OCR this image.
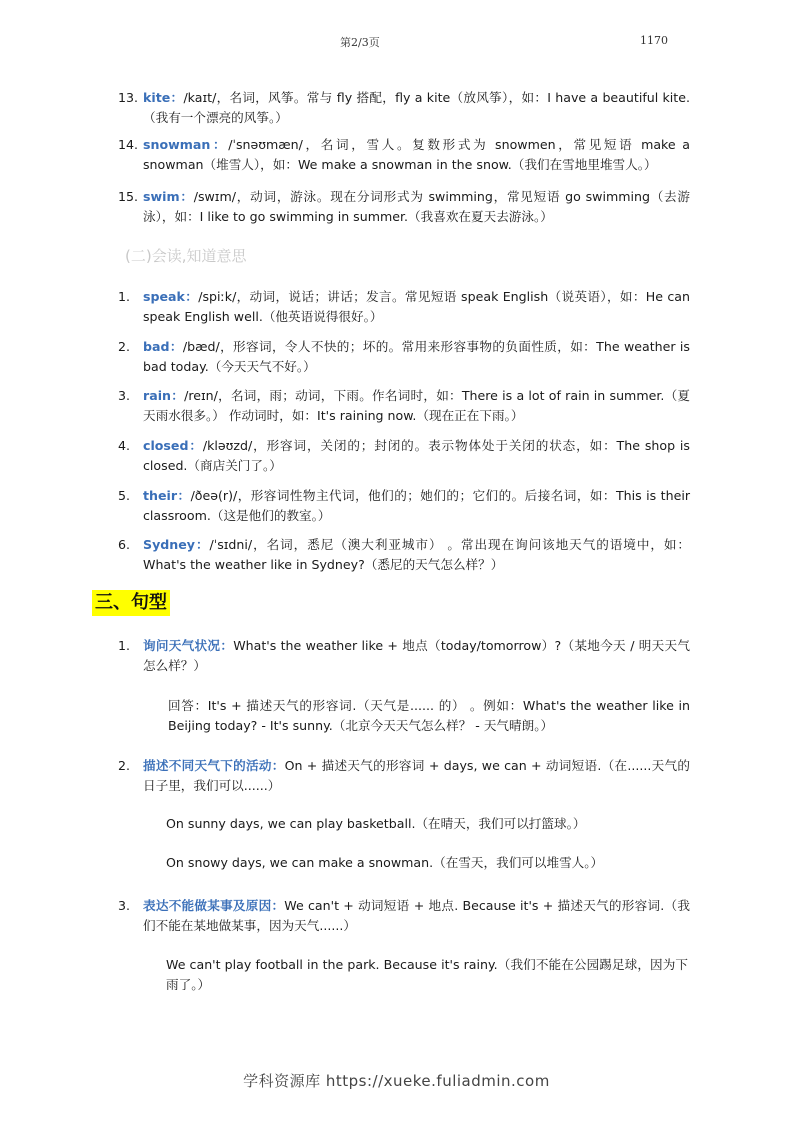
第2/3页	1170
13. kite：/kaɪt/，名词，风筝。常与 fly 搭配，fly a kite（放风筝），如：I have a beautiful kite.（我有一个漂亮的风筝。）
14. snowman：/ˈsnəʊmæn/，名词，雪人。复数形式为 snowmen，常见短语 make a snowman（堆雪人），如：We make a snowman in the snow.（我们在雪地里堆雪人。）
15. swim：/swɪm/，动词，游泳。现在分词形式为 swimming，常见短语 go swimming（去游泳），如：I like to go swimming in summer.（我喜欢在夏天去游泳。）
(二)会读,知道意思
1.	speak：/spiːk/，动词，说话；讲话；发言。常见短语 speak English（说英语），如：He can speak English well.（他英语说得很好。）
2.	bad：/bæd/，形容词，令人不快的；坏的。常用来形容事物的负面性质，如：The weather is bad today.（今天天气不好。）
3.	rain：/reɪn/，名词，雨；动词，下雨。作名词时，如：There is a lot of rain in summer.（夏天雨水很多。） 作动词时，如：It's raining now.（现在正在下雨。）
4.	closed：/kləʊzd/，形容词，关闭的；封闭的。表示物体处于关闭的状态，如：The shop is closed.（商店关门了。）
5.	their：/ðeə(r)/，形容词性物主代词，他们的；她们的；它们的。后接名词，如：This is their classroom.（这是他们的教室。）
6.	Sydney：/ˈsɪdni/，名词，悉尼（澳大利亚城市） 。常出现在询问该地天气的语境中，如：What's the weather like in Sydney?（悉尼的天气怎么样？）
三、句型
1.	询问天气状况：What's the weather like + 地点（today/tomorrow）?（某地今天 / 明天天气怎么样？）
回答：It's + 描述天气的形容词.（天气是...... 的） 。例如：What's the weather like in Beijing today? - It's sunny.（北京今天天气怎么样？ - 天气晴朗。）
2.	描述不同天气下的活动：On + 描述天气的形容词 + days, we can + 动词短语.（在......天气的日子里，我们可以......）
On sunny days, we can play basketball.（在晴天，我们可以打篮球。）
On snowy days, we can make a snowman.（在雪天，我们可以堆雪人。）
3.	表达不能做某事及原因：We can't + 动词短语 + 地点. Because it's + 描述天气的形容词.（我们不能在某地做某事，因为天气......）
We can't play football in the park. Because it's rainy.（我们不能在公园踢足球，因为下雨了。）
学科资源库 https://xueke.fuliadmin.com
